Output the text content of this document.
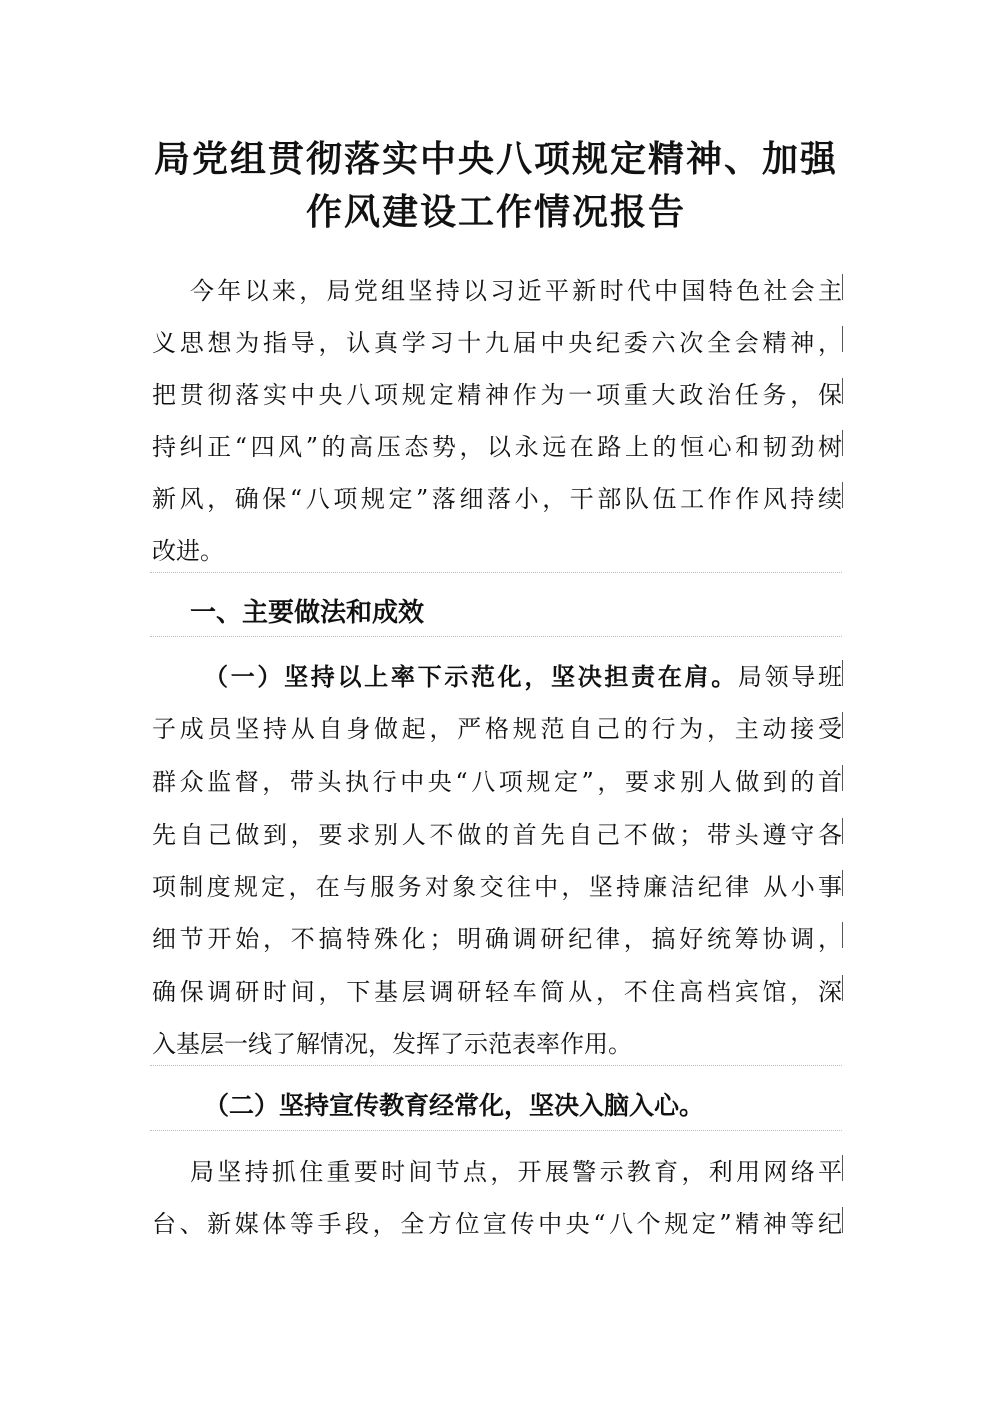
局党组贯彻落实中央八项规定精神、加强
作风建设工作情况报告
今年以来，局党组坚持以习近平新时代中国特色社会主
义思想为指导，认真学习十九届中央纪委六次全会精神，
把贯彻落实中央八项规定精神作为一项重大政治任务，保
持纠正“四风”的高压态势，以永远在路上的恒心和韧劲树
新风，确保“八项规定”落细落小，干部队伍工作作风持续
改进。
一、主要做法和成效
（一）坚持以上率下示范化，坚决担责在肩。局领导班
子成员坚持从自身做起，严格规范自己的行为，主动接受
群众监督，带头执行中央“八项规定”，要求别人做到的首
先自己做到，要求别人不做的首先自己不做；带头遵守各
项制度规定，在与服务对象交往中，坚持廉洁纪律 从小事
细节开始，不搞特殊化；明确调研纪律，搞好统筹协调，
确保调研时间，下基层调研轻车简从，不住高档宾馆，深
入基层一线了解情况，发挥了示范表率作用。
（二）坚持宣传教育经常化，坚决入脑入心。
局坚持抓住重要时间节点，开展警示教育，利用网络平
台、新媒体等手段，全方位宣传中央“八个规定”精神等纪
